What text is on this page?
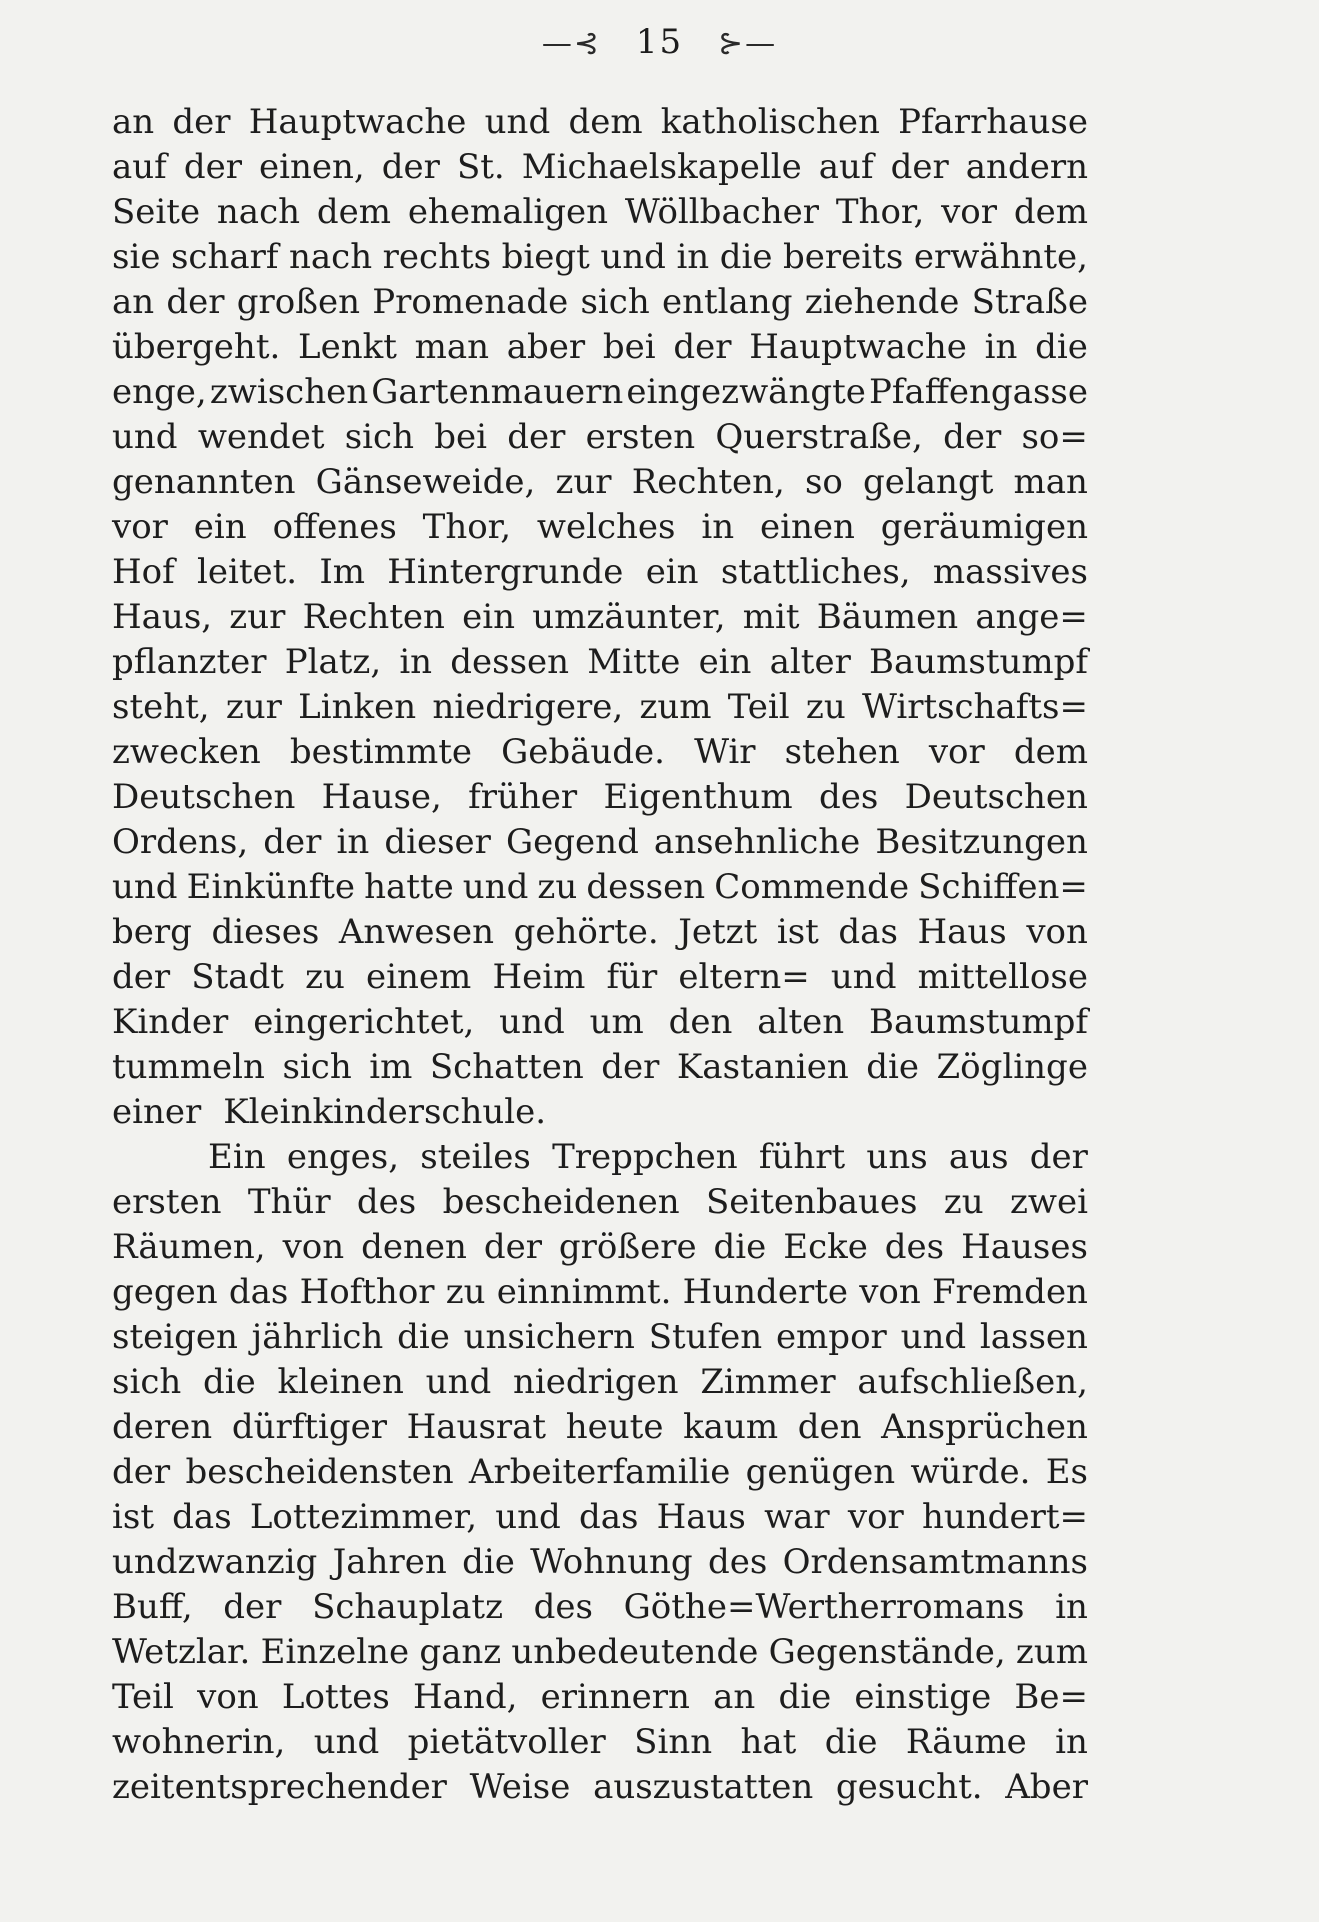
—⊰ 15 ⊱—
an der Hauptwache und dem katholischen Pfarrhause
auf der einen, der St. Michaelskapelle auf der andern
Seite nach dem ehemaligen Wöllbacher Thor, vor dem
sie scharf nach rechts biegt und in die bereits erwähnte,
an der großen Promenade sich entlang ziehende Straße
übergeht. Lenkt man aber bei der Hauptwache in die
enge, zwischen Gartenmauern eingezwängte Pfaffengasse
und wendet sich bei der ersten Querstraße, der so=
genannten Gänseweide, zur Rechten, so gelangt man
vor ein offenes Thor, welches in einen geräumigen
Hof leitet. Im Hintergrunde ein stattliches, massives
Haus, zur Rechten ein umzäunter, mit Bäumen ange=
pflanzter Platz, in dessen Mitte ein alter Baumstumpf
steht, zur Linken niedrigere, zum Teil zu Wirtschafts=
zwecken bestimmte Gebäude. Wir stehen vor dem
Deutschen Hause, früher Eigenthum des Deutschen
Ordens, der in dieser Gegend ansehnliche Besitzungen
und Einkünfte hatte und zu dessen Commende Schiffen=
berg dieses Anwesen gehörte. Jetzt ist das Haus von
der Stadt zu einem Heim für eltern= und mittellose
Kinder eingerichtet, und um den alten Baumstumpf
tummeln sich im Schatten der Kastanien die Zöglinge
einer Kleinkinderschule.
Ein enges, steiles Treppchen führt uns aus der
ersten Thür des bescheidenen Seitenbaues zu zwei
Räumen, von denen der größere die Ecke des Hauses
gegen das Hofthor zu einnimmt. Hunderte von Fremden
steigen jährlich die unsichern Stufen empor und lassen
sich die kleinen und niedrigen Zimmer aufschließen,
deren dürftiger Hausrat heute kaum den Ansprüchen
der bescheidensten Arbeiterfamilie genügen würde. Es
ist das Lottezimmer, und das Haus war vor hundert=
undzwanzig Jahren die Wohnung des Ordensamtmanns
Buff, der Schauplatz des Göthe=Wertherromans in
Wetzlar. Einzelne ganz unbedeutende Gegenstände, zum
Teil von Lottes Hand, erinnern an die einstige Be=
wohnerin, und pietätvoller Sinn hat die Räume in
zeitentsprechender Weise auszustatten gesucht. Aber
